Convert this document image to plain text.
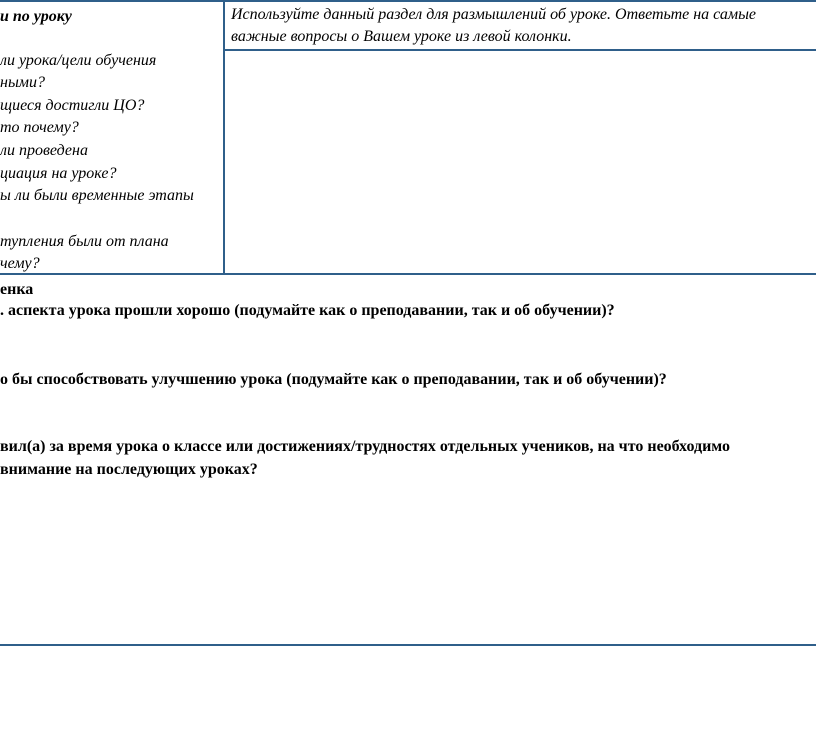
и по уроку
ли урока/цели обучения
ными?
щиеся достигли ЦО?
то почему?
ли проведена
циация на уроке?
ы ли были временные этапы
тупления были от плана
чему?
Используйте данный раздел для размышлений об уроке. Ответьте на самые
важные вопросы о Вашем уроке из левой колонки.
енка
. аспекта урока прошли хорошо (подумайте как о преподавании, так и об обучении)?
о бы способствовать улучшению урока (подумайте как о преподавании, так и об обучении)?
вил(а) за время урока о классе или достижениях/трудностях отдельных учеников, на что необходимо
внимание на последующих уроках?
